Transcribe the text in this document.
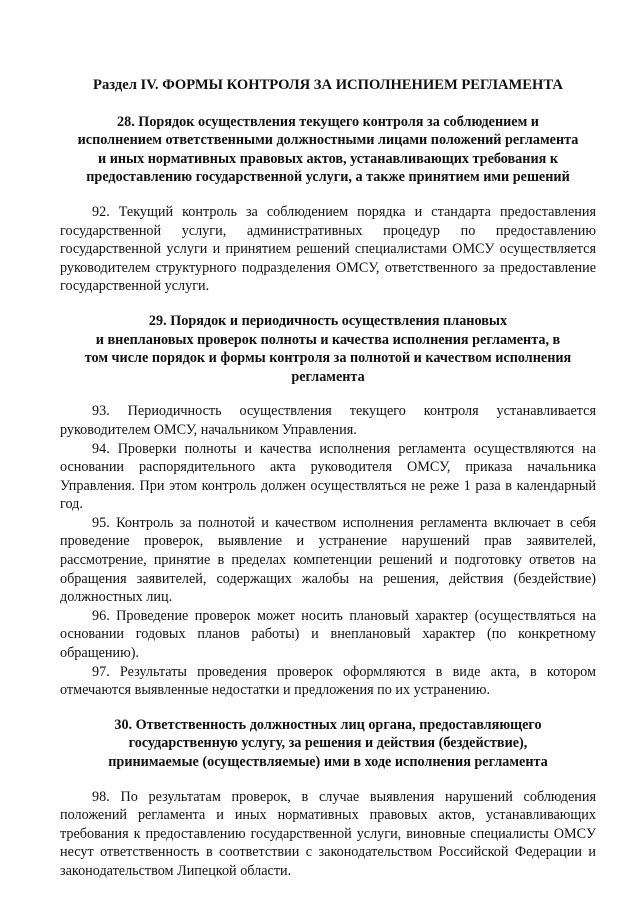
Раздел IV. ФОРМЫ КОНТРОЛЯ ЗА ИСПОЛНЕНИЕМ РЕГЛАМЕНТА
28. Порядок осуществления текущего контроля за соблюдением и
исполнением ответственными должностными лицами положений регламента
и иных нормативных правовых актов, устанавливающих требования к
предоставлению государственной услуги, а также принятием ими решений

92. Текущий контроль за соблюдением порядка и стандарта предоставления государственной услуги, административных процедур по предоставлению государственной услуги и принятием решений специалистами ОМСУ осуществляется руководителем структурного подразделения ОМСУ, ответственного за предоставление государственной услуги.

29. Порядок и периодичность осуществления плановых
и внеплановых проверок полноты и качества исполнения регламента, в
том числе порядок и формы контроля за полнотой и качеством исполнения
регламента

93. Периодичность осуществления текущего контроля устанавливается руководителем ОМСУ, начальником Управления.

94. Проверки полноты и качества исполнения регламента осуществляются на основании распорядительного акта руководителя ОМСУ, приказа начальника Управления. При этом контроль должен осуществляться не реже 1 раза в календарный год.

95. Контроль за полнотой и качеством исполнения регламента включает в себя проведение проверок, выявление и устранение нарушений прав заявителей, рассмотрение, принятие в пределах компетенции решений и подготовку ответов на обращения заявителей, содержащих жалобы на решения, действия (бездействие) должностных лиц.

96. Проведение проверок может носить плановый характер (осуществляться на основании годовых планов работы) и внеплановый характер (по конкретному обращению).

97. Результаты проведения проверок оформляются в виде акта, в котором отмечаются выявленные недостатки и предложения по их устранению.

30. Ответственность должностных лиц органа, предоставляющего
государственную услугу, за решения и действия (бездействие),
принимаемые (осуществляемые) ими в ходе исполнения регламента

98. По результатам проверок, в случае выявления нарушений соблюдения положений регламента и иных нормативных правовых актов, устанавливающих требования к предоставлению государственной услуги, виновные специалисты ОМСУ несут ответственность в соответствии с законодательством Российской Федерации и законодательством Липецкой области.
